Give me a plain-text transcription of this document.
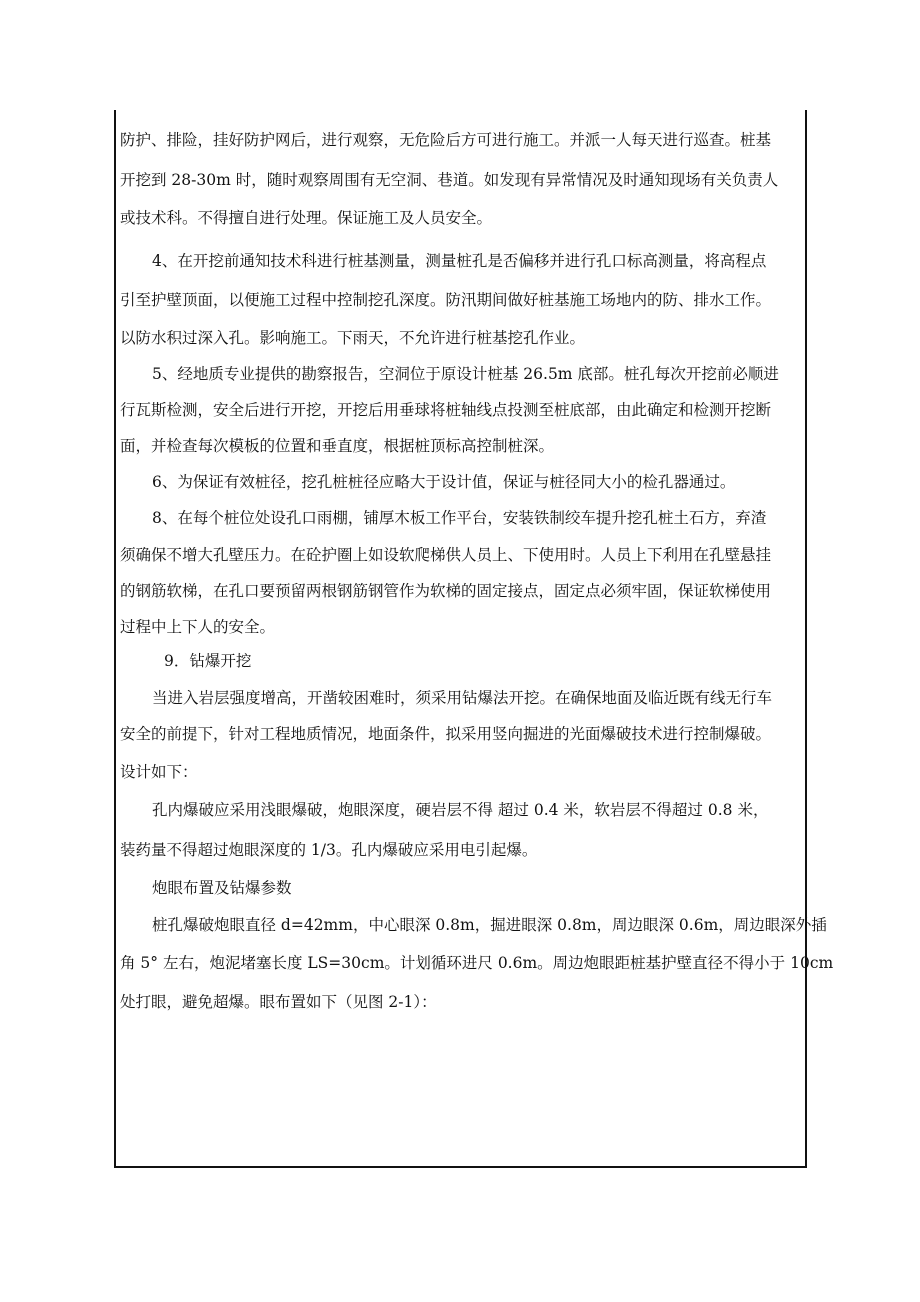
防护、排险，挂好防护网后，进行观察，无危险后方可进行施工。并派一人每天进行巡查。桩基
开挖到 28-30m 时，随时观察周围有无空洞、巷道。如发现有异常情况及时通知现场有关负责人
或技术科。不得擅自进行处理。保证施工及人员安全。
4、在开挖前通知技术科进行桩基测量，测量桩孔是否偏移并进行孔口标高测量，将高程点
引至护壁顶面，以便施工过程中控制挖孔深度。防汛期间做好桩基施工场地内的防、排水工作。
以防水积过深入孔。影响施工。下雨天，不允许进行桩基挖孔作业。
5、经地质专业提供的勘察报告，空洞位于原设计桩基 26.5m 底部。桩孔每次开挖前必顺进
行瓦斯检测，安全后进行开挖，开挖后用垂球将桩轴线点投测至桩底部，由此确定和检测开挖断
面，并检查每次模板的位置和垂直度，根据桩顶标高控制桩深。
6、为保证有效桩径，挖孔桩桩径应略大于设计值，保证与桩径同大小的检孔器通过。
8、在每个桩位处设孔口雨棚，铺厚木板工作平台，安装铁制绞车提升挖孔桩土石方，弃渣
须确保不增大孔壁压力。在砼护圈上如设软爬梯供人员上、下使用时。人员上下利用在孔壁悬挂
的钢筋软梯，在孔口要预留两根钢筋钢管作为软梯的固定接点，固定点必须牢固，保证软梯使用
过程中上下人的安全。
9．钻爆开挖
当进入岩层强度增高，开凿较困难时，须采用钻爆法开挖。在确保地面及临近既有线无行车
安全的前提下，针对工程地质情况，地面条件，拟采用竖向掘进的光面爆破技术进行控制爆破。
设计如下：
孔内爆破应采用浅眼爆破，炮眼深度，硬岩层不得 超过 0.4 米，软岩层不得超过 0.8 米，
装药量不得超过炮眼深度的 1/3。孔内爆破应采用电引起爆。
炮眼布置及钻爆参数
桩孔爆破炮眼直径 d=42mm，中心眼深 0.8m，掘进眼深 0.8m，周边眼深 0.6m，周边眼深外插
角 5° 左右，炮泥堵塞长度 LS=30cm。计划循环进尺 0.6m。周边炮眼距桩基护壁直径不得小于 10cm
处打眼，避免超爆。眼布置如下（见图 2-1）：
